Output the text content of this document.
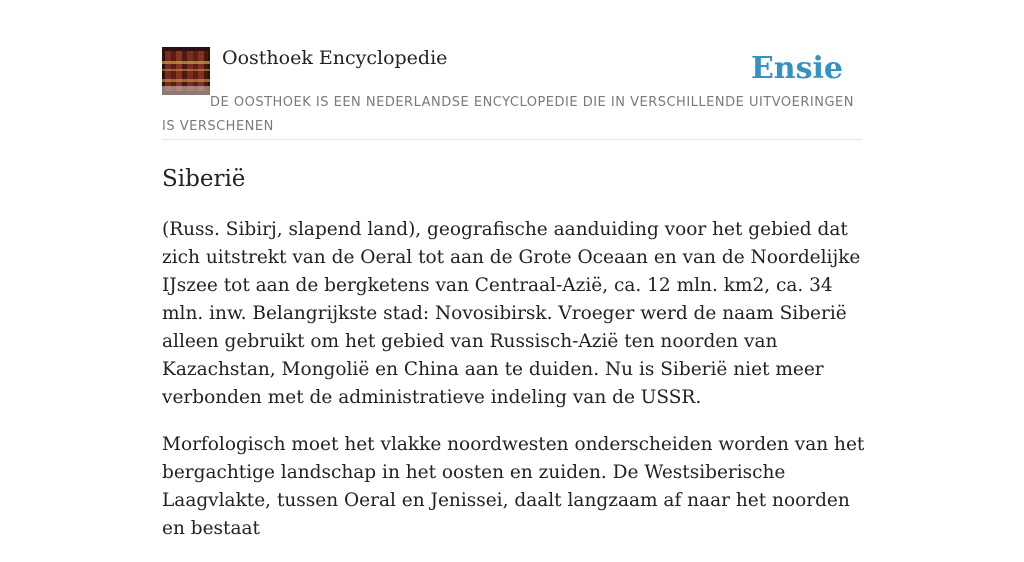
Oosthoek Encyclopedie	Ensie
DE OOSTHOEK IS EEN NEDERLANDSE ENCYCLOPEDIE DIE IN VERSCHILLENDE UITVOERINGEN IS VERSCHENEN
Siberië

(Russ. Sibirj, slapend land), geografische aanduiding voor het gebied dat zich uitstrekt van de Oeral tot aan de Grote Oceaan en van de Noordelijke IJszee tot aan de bergketens van Centraal-Azië, ca. 12 mln. km2, ca. 34 mln. inw. Belangrijkste stad: Novosibirsk. Vroeger werd de naam Siberië alleen gebruikt om het gebied van Russisch-Azië ten noorden van Kazachstan, Mongolië en China aan te duiden. Nu is Siberië niet meer verbonden met de administratieve indeling van de USSR.

Morfologisch moet het vlakke noordwesten onderscheiden worden van het bergachtige landschap in het oosten en zuiden. De Westsiberische Laagvlakte, tussen Oeral en Jenissei, daalt langzaam af naar het noorden en bestaat
